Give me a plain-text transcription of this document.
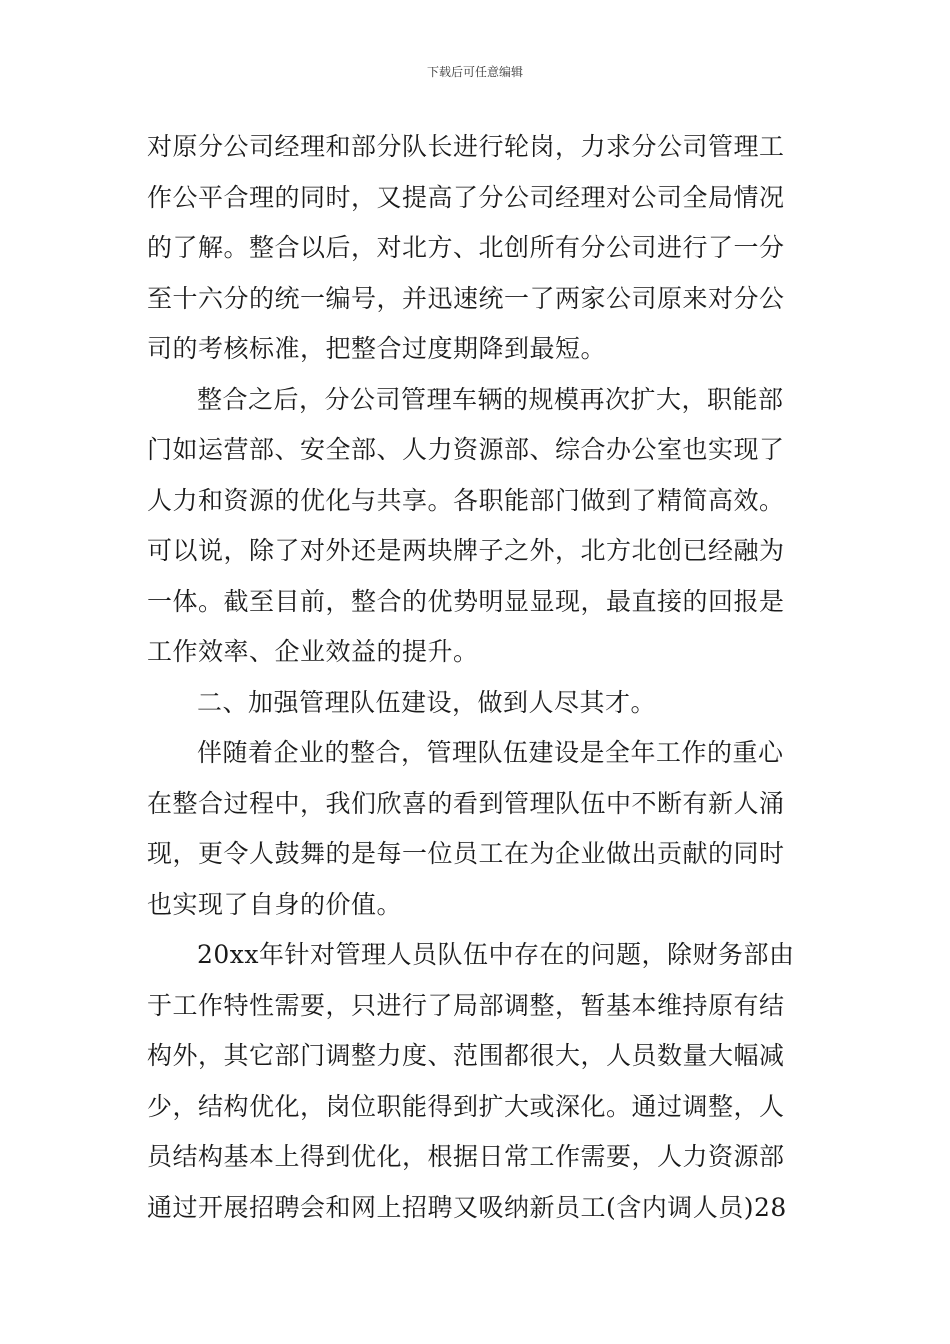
下载后可任意编辑
对原分公司经理和部分队长进行轮岗，力求分公司管理工
作公平合理的同时，又提高了分公司经理对公司全局情况
的了解。整合以后，对北方、北创所有分公司进行了一分
至十六分的统一编号，并迅速统一了两家公司原来对分公
司的考核标准，把整合过度期降到最短。
整合之后，分公司管理车辆的规模再次扩大，职能部
门如运营部、安全部、人力资源部、综合办公室也实现了
人力和资源的优化与共享。各职能部门做到了精简高效。
可以说，除了对外还是两块牌子之外，北方北创已经融为
一体。截至目前，整合的优势明显显现，最直接的回报是
工作效率、企业效益的提升。
二、加强管理队伍建设，做到人尽其才。
伴随着企业的整合，管理队伍建设是全年工作的重心
在整合过程中，我们欣喜的看到管理队伍中不断有新人涌
现，更令人鼓舞的是每一位员工在为企业做出贡献的同时
也实现了自身的价值。
20xx年针对管理人员队伍中存在的问题，除财务部由
于工作特性需要，只进行了局部调整，暂基本维持原有结
构外，其它部门调整力度、范围都很大，人员数量大幅减
少，结构优化，岗位职能得到扩大或深化。通过调整，人
员结构基本上得到优化，根据日常工作需要，人力资源部
通过开展招聘会和网上招聘又吸纳新员工(含内调人员)28
